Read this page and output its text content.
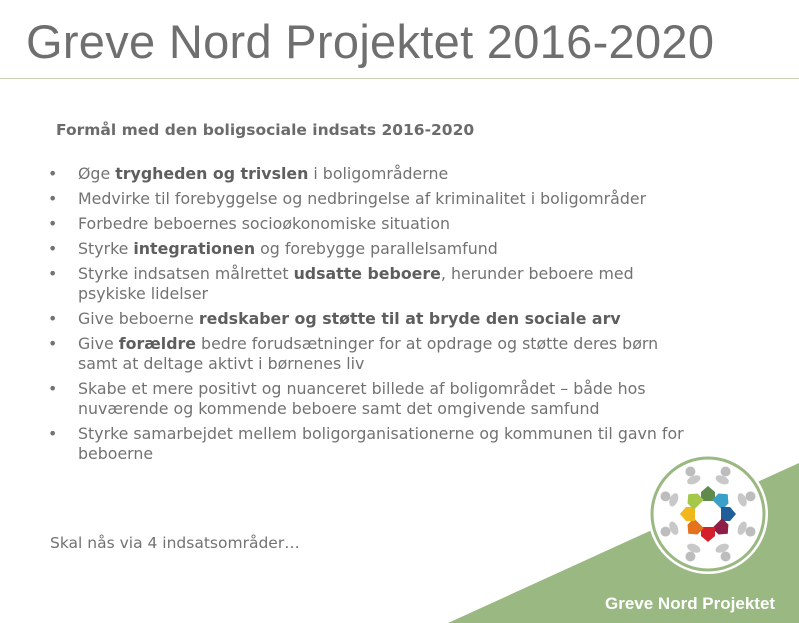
Greve Nord Projektet 2016-2020
Formål med den boligsociale indsats 2016-2020
• Øge trygheden og trivslen i boligområderne
• Medvirke til forebyggelse og nedbringelse af kriminalitet i boligområder
• Forbedre beboernes socioøkonomiske situation
• Styrke integrationen og forebygge parallelsamfund
• Styrke indsatsen målrettet udsatte beboere, herunder beboere med psykiske lidelser
• Give beboerne redskaber og støtte til at bryde den sociale arv
• Give forældre bedre forudsætninger for at opdrage og støtte deres børn samt at deltage aktivt i børnenes liv
• Skabe et mere positivt og nuanceret billede af boligområdet – både hos nuværende og kommende beboere samt det omgivende samfund
• Styrke samarbejdet mellem boligorganisationerne og kommunen til gavn for beboerne
Skal nås via 4 indsatsområder…
Greve Nord Projektet
